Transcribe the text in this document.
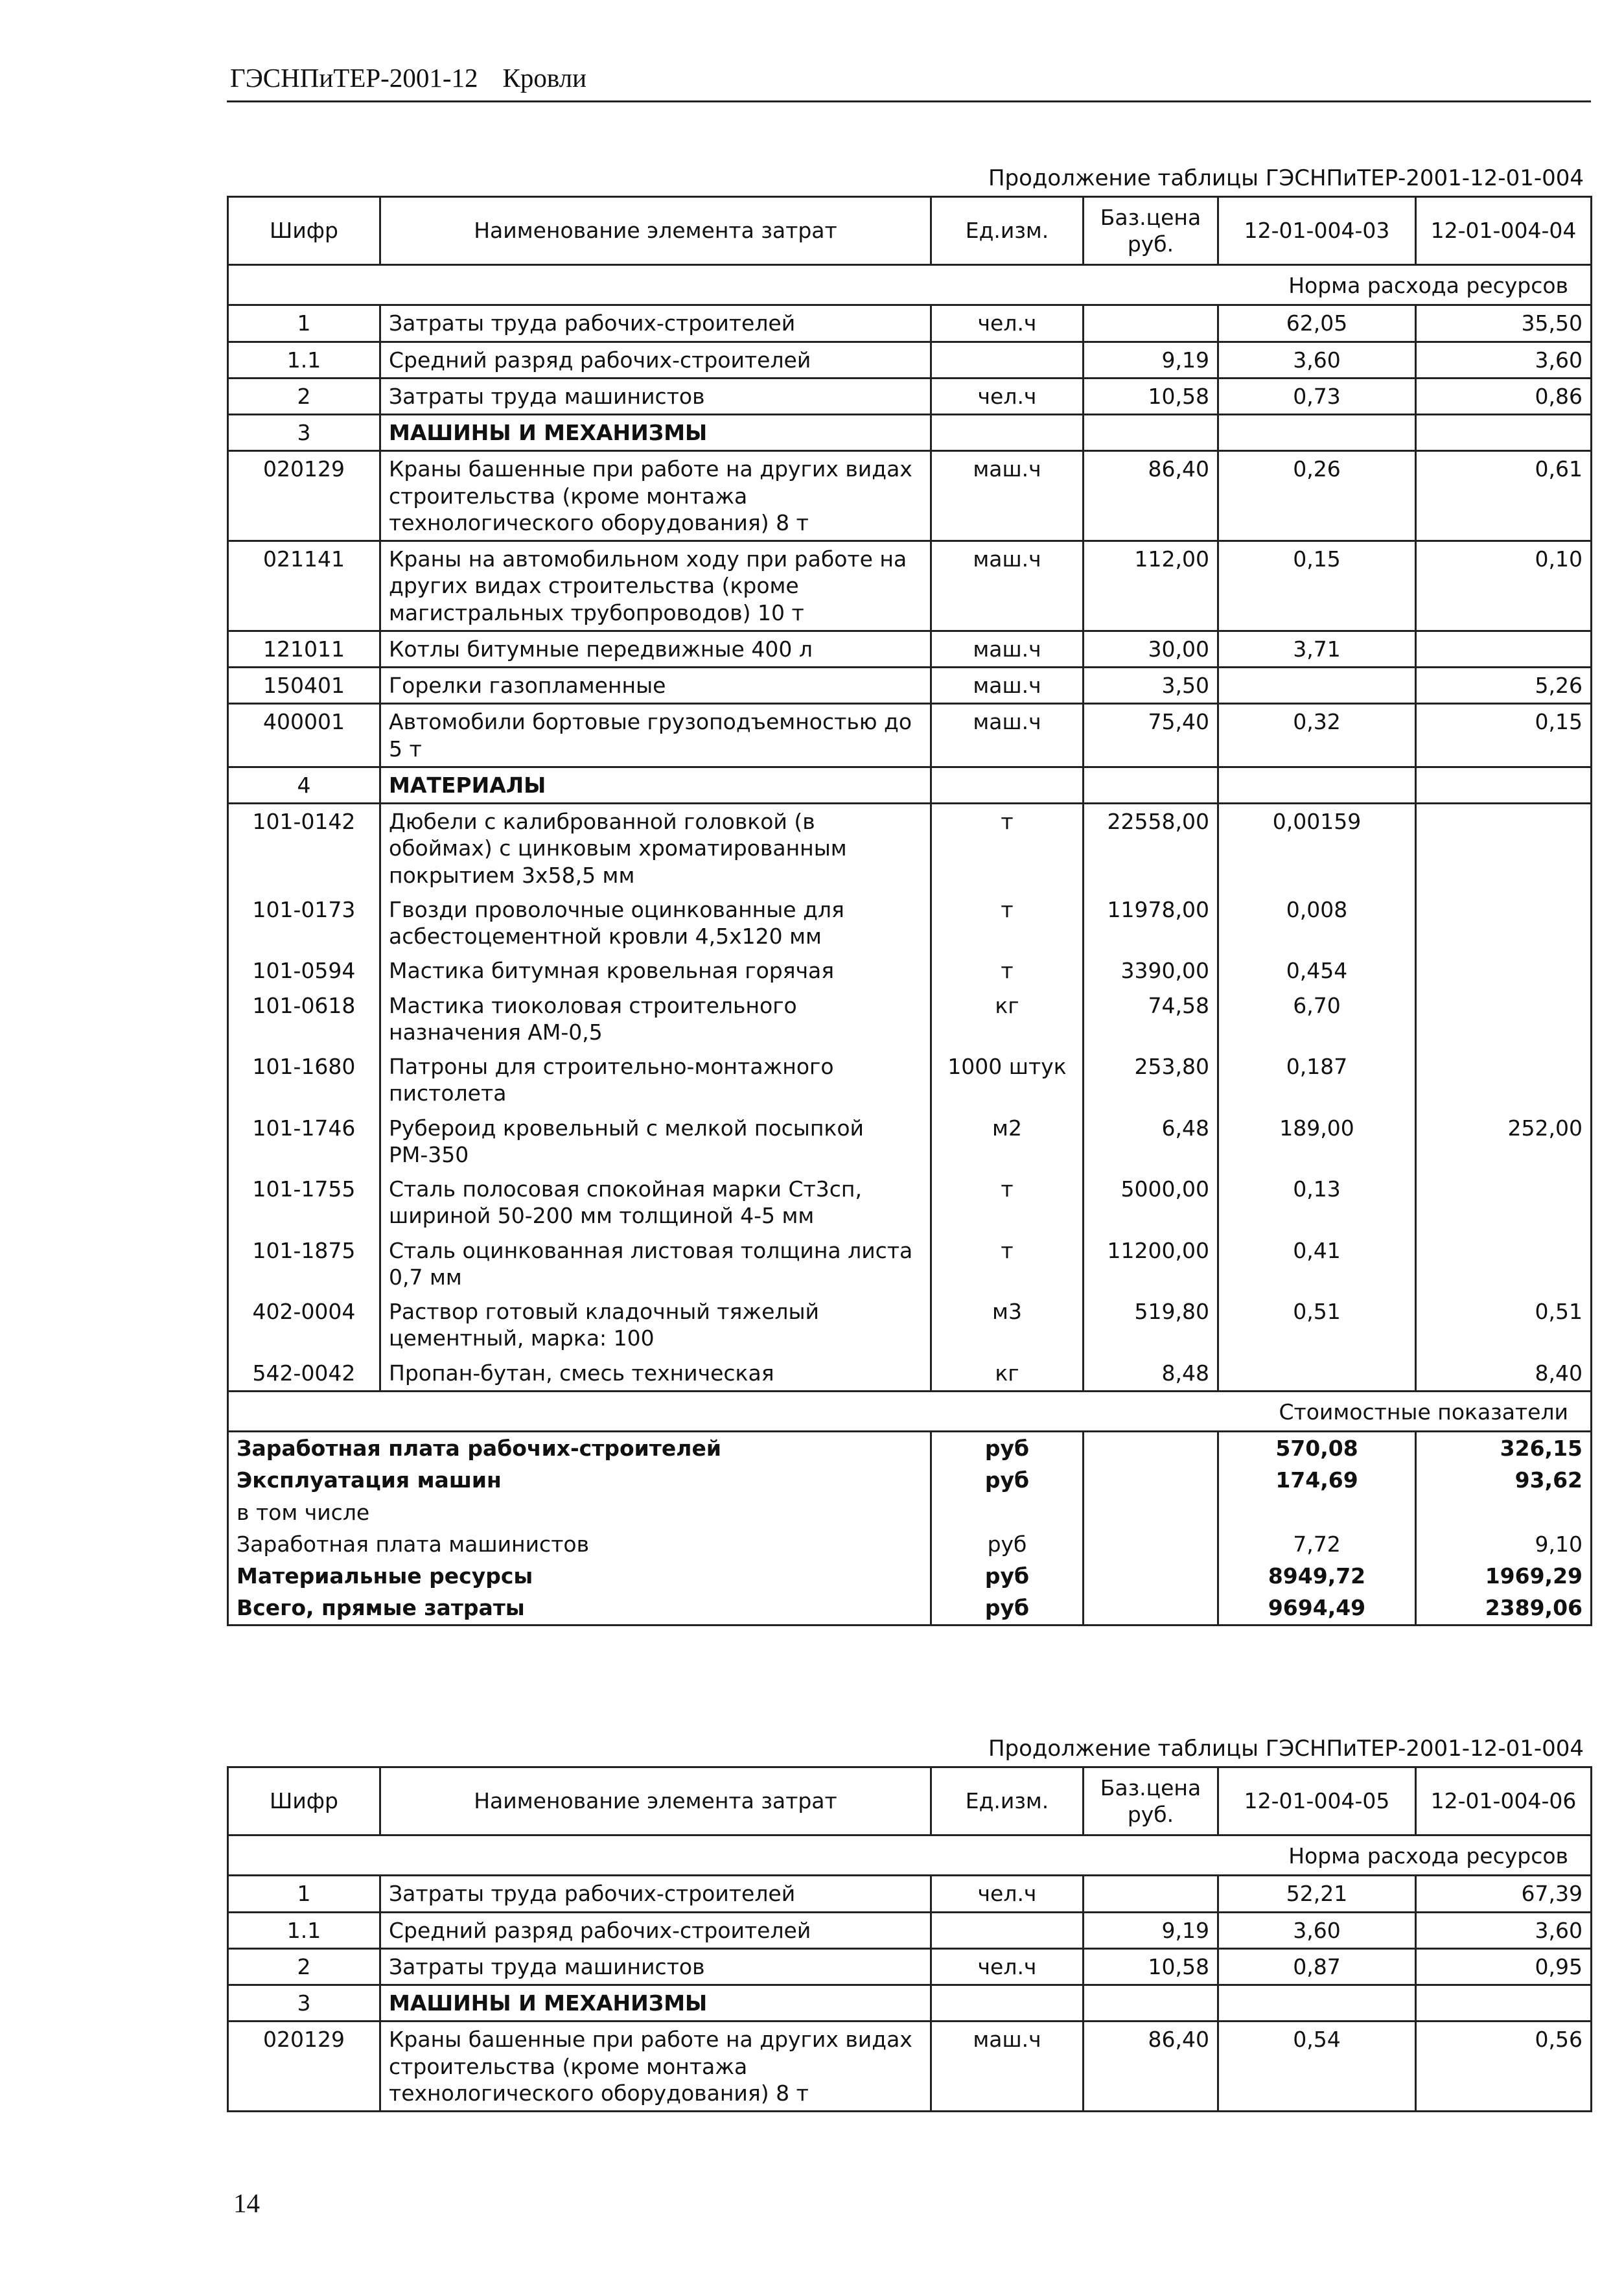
ГЭСНПиТЕР-2001-12 Кровли
Продолжение таблицы ГЭСНПиТЕР-2001-12-01-004
Шифр	Наименование элемента затрат	Ед.изм.	Баз.цена руб.	12-01-004-03	12-01-004-04
Норма расхода ресурсов					
1	Затраты труда рабочих-строителей	чел.ч		62,05	35,50
1.1	Средний разряд рабочих-строителей		9,19	3,60	3,60
2	Затраты труда машинистов	чел.ч	10,58	0,73	0,86
3	МАШИНЫ И МЕХАНИЗМЫ				
020129	Краны башенные при работе на других видах строительства (кроме монтажа технологического оборудования) 8 т	маш.ч	86,40	0,26	0,61
021141	Краны на автомобильном ходу при работе на других видах строительства (кроме магистральных трубопроводов) 10 т	маш.ч	112,00	0,15	0,10
121011	Котлы битумные передвижные 400 л	маш.ч	30,00	3,71	
150401	Горелки газопламенные	маш.ч	3,50		5,26
400001	Автомобили бортовые грузоподъемностью до 5 т	маш.ч	75,40	0,32	0,15
4	МАТЕРИАЛЫ				
101-0142	Дюбели с калиброванной головкой (в обоймах) с цинковым хроматированным покрытием 3х58,5 мм	т	22558,00	0,00159	
101-0173	Гвозди проволочные оцинкованные для асбестоцементной кровли 4,5х120 мм	т	11978,00	0,008	
101-0594	Мастика битумная кровельная горячая	т	3390,00	0,454	
101-0618	Мастика тиоколовая строительного назначения АМ-0,5	кг	74,58	6,70	
101-1680	Патроны для строительно-монтажного пистолета	1000 штук	253,80	0,187	
101-1746	Рубероид кровельный с мелкой посыпкой РМ-350	м2	6,48	189,00	252,00
101-1755	Сталь полосовая спокойная марки Ст3сп, шириной 50-200 мм толщиной 4-5 мм	т	5000,00	0,13	
101-1875	Сталь оцинкованная листовая толщина листа 0,7 мм	т	11200,00	0,41	
402-0004	Раствор готовый кладочный тяжелый цементный, марка: 100	м3	519,80	0,51	0,51
542-0042	Пропан-бутан, смесь техническая	кг	8,48		8,40
Стоимостные показатели					
Заработная плата рабочих-строителей		руб		570,08	326,15
Эксплуатация машин		руб		174,69	93,62
в том числе					
Заработная плата машинистов		руб		7,72	9,10
Материальные ресурсы		руб		8949,72	1969,29
Всего, прямые затраты		руб		9694,49	2389,06
Продолжение таблицы ГЭСНПиТЕР-2001-12-01-004
Шифр	Наименование элемента затрат	Ед.изм.	Баз.цена руб.	12-01-004-05	12-01-004-06
Норма расхода ресурсов					
1	Затраты труда рабочих-строителей	чел.ч		52,21	67,39
1.1	Средний разряд рабочих-строителей		9,19	3,60	3,60
2	Затраты труда машинистов	чел.ч	10,58	0,87	0,95
3	МАШИНЫ И МЕХАНИЗМЫ				
020129	Краны башенные при работе на других видах строительства (кроме монтажа технологического оборудования) 8 т	маш.ч	86,40	0,54	0,56
14
